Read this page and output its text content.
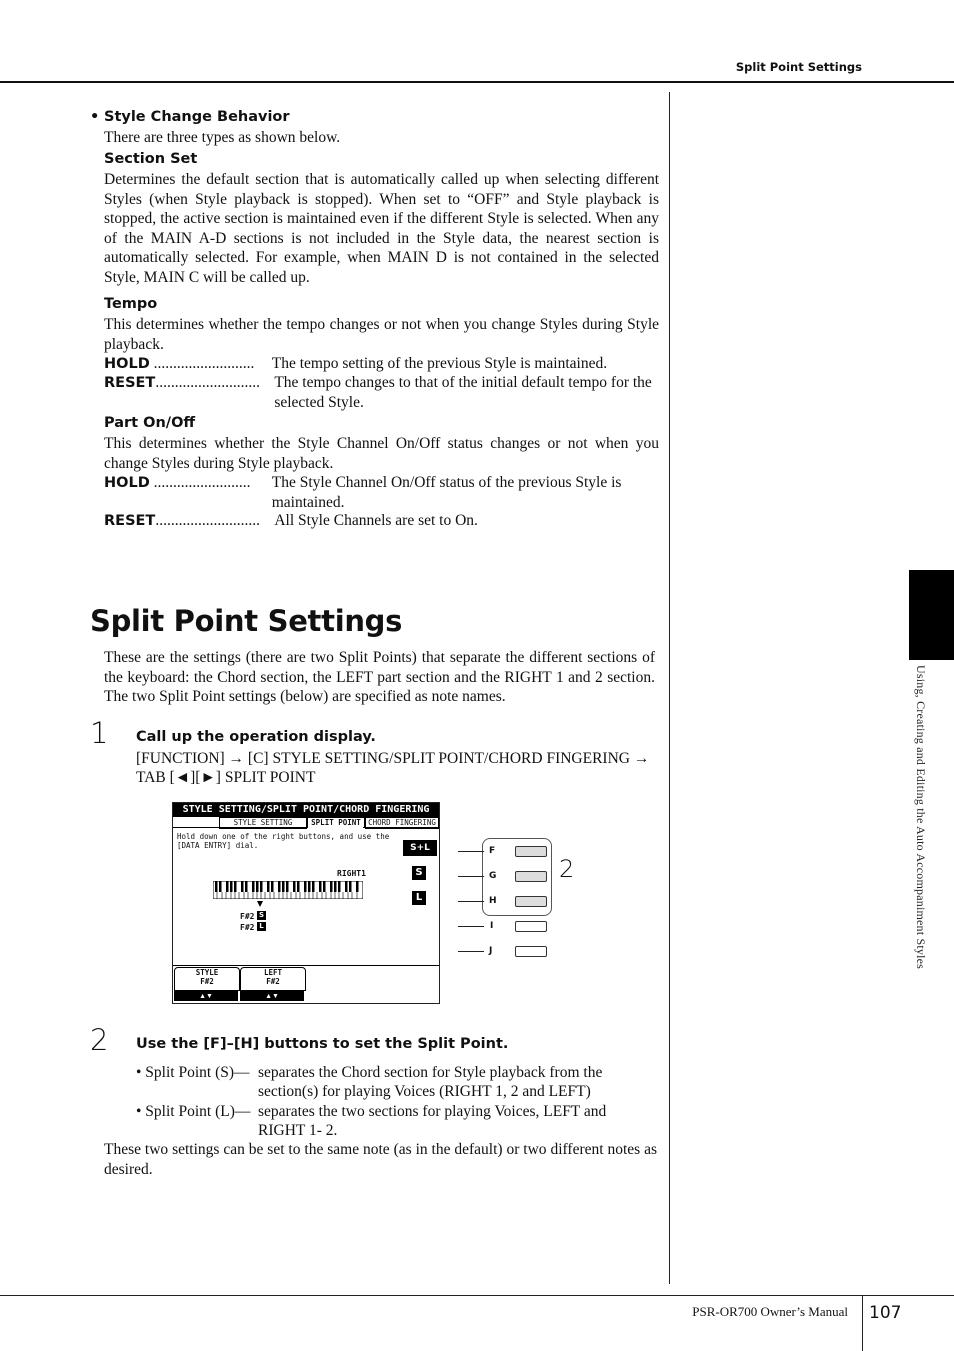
Split Point Settings
Using, Creating and Editing the Auto Accompaniment Styles
• Style Change Behavior
There are three types as shown below.
Section Set
Determines the default section that is automatically called up when selecting different Styles (when Style playback is stopped). When set to “OFF” and Style playback is stopped, the active section is maintained even if the different Style is selected. When any of the MAIN A-D sections is not included in the Style data, the nearest section is automatically selected. For example, when MAIN D is not contained in the selected Style, MAIN C will be called up.
Tempo
This determines whether the tempo changes or not when you change Styles during Style playback.
HOLD ..........................	The tempo setting of the previous Style is maintained.
RESET ........................... The tempo changes to that of the initial default tempo for the selected Style.
Part On/Off
This determines whether the Style Channel On/Off status changes or not when you change Styles during Style playback.
HOLD .........................	The Style Channel On/Off status of the previous Style is maintained.
RESET ........................... All Style Channels are set to On.
Split Point Settings
These are the settings (there are two Split Points) that separate the different sections of the keyboard: the Chord section, the LEFT part section and the RIGHT 1 and 2 section. The two Split Point settings (below) are specified as note names.
1 Call up the operation display.
[FUNCTION] → [C] STYLE SETTING/SPLIT POINT/CHORD FINGERING →
TAB [◄][►] SPLIT POINT
STYLE SETTING/SPLIT POINT/CHORD FINGERING
STYLE SETTING	SPLIT POINT CHORD FINGERING
Hold down one of the right buttons, and use the
[DATA ENTRY] dial.
RIGHT1
F#2
F#2
S
L
S+L
S
L
STYLE
F#2
LEFT
F#2
▲▼	▲▼
F
G
H
I
J
2
2 Use the [F]–[H] buttons to set the Split Point.
• Split Point (S)— separates the Chord section for Style playback from the
section(s) for playing Voices (RIGHT 1, 2 and LEFT)
• Split Point (L)— separates the two sections for playing Voices, LEFT and
RIGHT 1- 2.
These two settings can be set to the same note (as in the default) or two different notes as desired.
PSR-OR700 Owner’s Manual 107
